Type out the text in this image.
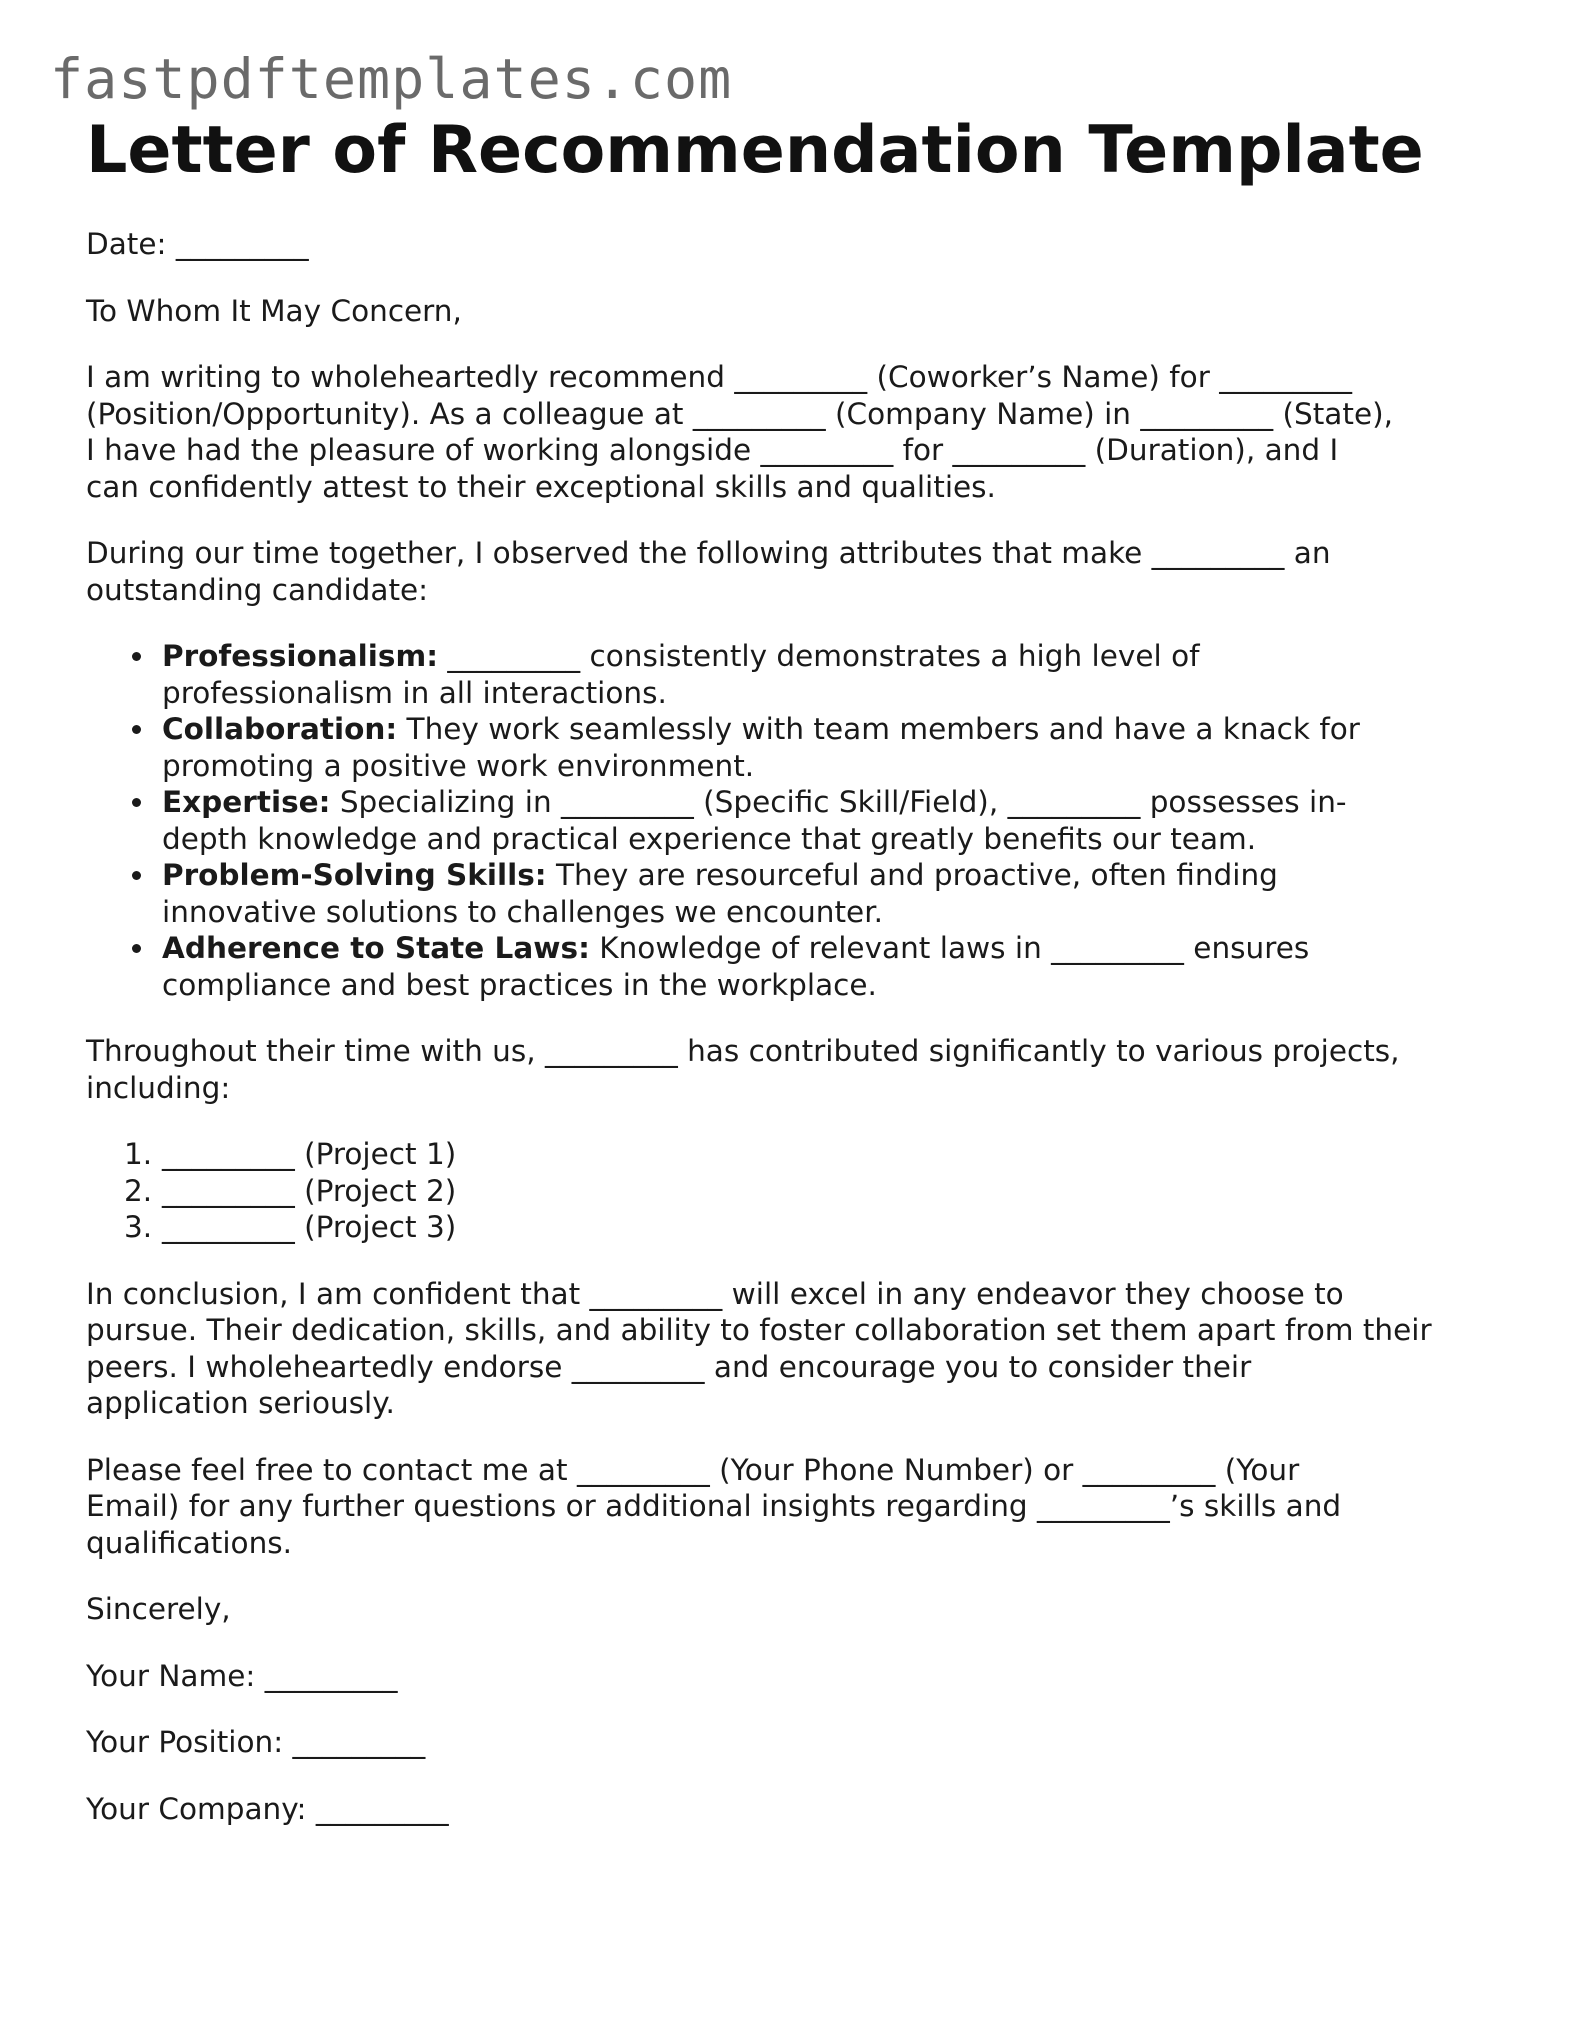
fastpdftemplates.com
Letter of Recommendation Template

Date: _________

To Whom It May Concern,

I am writing to wholeheartedly recommend _________ (Coworker’s Name) for _________
(Position/Opportunity). As a colleague at _________ (Company Name) in _________ (State),
I have had the pleasure of working alongside _________ for _________ (Duration), and I
can confidently attest to their exceptional skills and qualities.

During our time together, I observed the following attributes that make _________ an
outstanding candidate:

Professionalism: _________ consistently demonstrates a high level of
professionalism in all interactions.
Collaboration: They work seamlessly with team members and have a knack for
promoting a positive work environment.
Expertise: Specializing in _________ (Specific Skill/Field), _________ possesses in-
depth knowledge and practical experience that greatly benefits our team.
Problem-Solving Skills: They are resourceful and proactive, often finding
innovative solutions to challenges we encounter.
Adherence to State Laws: Knowledge of relevant laws in _________ ensures
compliance and best practices in the workplace.

Throughout their time with us, _________ has contributed significantly to various projects,
including:

1. _________ (Project 1)
2. _________ (Project 2)
3. _________ (Project 3)

In conclusion, I am confident that _________ will excel in any endeavor they choose to
pursue. Their dedication, skills, and ability to foster collaboration set them apart from their
peers. I wholeheartedly endorse _________ and encourage you to consider their
application seriously.

Please feel free to contact me at _________ (Your Phone Number) or _________ (Your
Email) for any further questions or additional insights regarding _________’s skills and
qualifications.

Sincerely,

Your Name: _________

Your Position: _________

Your Company: _________
